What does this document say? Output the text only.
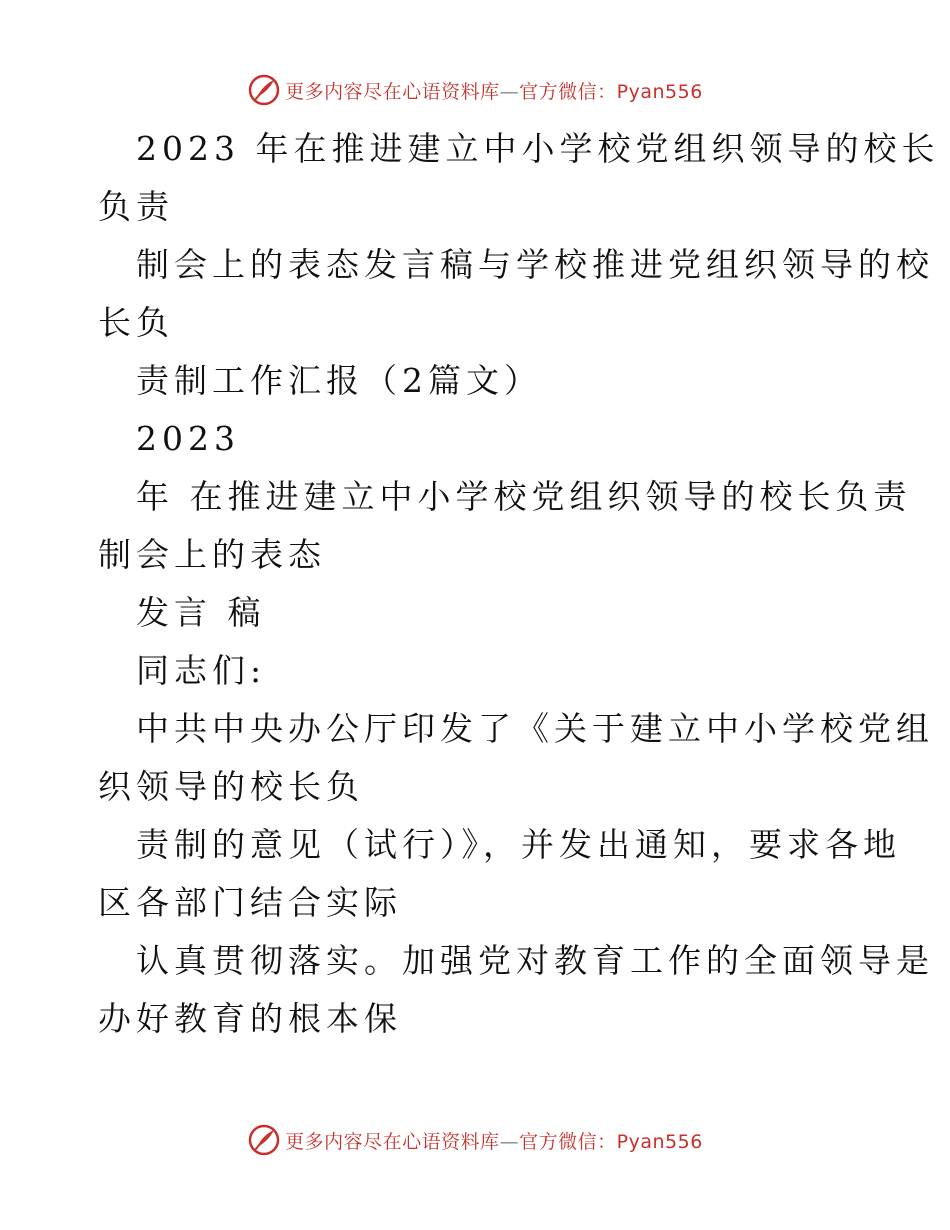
更多内容尽在心语资料库—官方微信：Pyan556
2023 年在推进建立中小学校党组织领导的校长
负责
制会上的表态发言稿与学校推进党组织领导的校
长负
责制工作汇报（2篇文）
2023
年 在推进建立中小学校党组织领导的校长负责
制会上的表态
发言 稿
同志们:
中共中央办公厅印发了《关于建立中小学校党组
织领导的校长负
责制的意见（试行）》，并发出通知，要求各地
区各部门结合实际
认真贯彻落实。加强党对教育工作的全面领导是
办好教育的根本保
更多内容尽在心语资料库—官方微信：Pyan556
